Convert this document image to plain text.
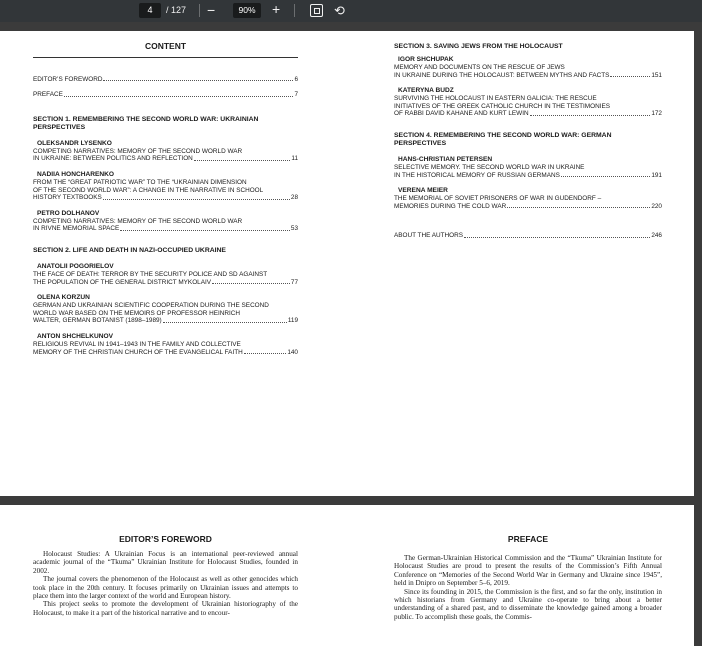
4	/ 127 −	90%	+	⟲
CONTENT
EDITOR’S FOREWORD	6
PREFACE	7
SECTION 1. REMEMBERING THE SECOND WORLD WAR: UKRAINIAN PERSPECTIVES
OLEKSANDR LYSENKO
COMPETING NARRATIVES: MEMORY OF THE SECOND WORLD WAR
IN UKRAINE: BETWEEN POLITICS AND REFLECTION	11
NADIIA HONCHARENKO
FROM THE “GREAT PATRIOTIC WAR” TO THE “UKRAINIAN DIMENSION
OF THE SECOND WORLD WAR”: A CHANGE IN THE NARRATIVE IN SCHOOL
HISTORY TEXTBOOKS	28
PETRO DOLHANOV
COMPETING NARRATIVES: MEMORY OF THE SECOND WORLD WAR
IN RIVNE MEMORIAL SPACE	53
SECTION 2. LIFE AND DEATH IN NAZI-OCCUPIED UKRAINE
ANATOLII POGORIELOV
THE FACE OF DEATH: TERROR BY THE SECURITY POLICE AND SD AGAINST
THE POPULATION OF THE GENERAL DISTRICT MYKOLAIV	77
OLENA KORZUN
GERMAN AND UKRAINIAN SCIENTIFIC COOPERATION DURING THE SECOND
WORLD WAR BASED ON THE MEMOIRS OF PROFESSOR HEINRICH
WALTER, GERMAN BOTANIST (1898–1989)	119
ANTON SHCHELKUNOV
RELIGIOUS REVIVAL IN 1941–1943 IN THE FAMILY AND COLLECTIVE
MEMORY OF THE CHRISTIAN CHURCH OF THE EVANGELICAL FAITH	140
SECTION 3. SAVING JEWS FROM THE HOLOCAUST
IGOR SHCHUPAK
MEMORY AND DOCUMENTS ON THE RESCUE OF JEWS
IN UKRAINE DURING THE HOLOCAUST: BETWEEN MYTHS AND FACTS	151
KATERYNA BUDZ
SURVIVING THE HOLOCAUST IN EASTERN GALICIA: THE RESCUE
INITIATIVES OF THE GREEK CATHOLIC CHURCH IN THE TESTIMONIES
OF RABBI DAVID KAHANE AND KURT LEWIN	172
SECTION 4. REMEMBERING THE SECOND WORLD WAR: GERMAN PERSPECTIVES
HANS-CHRISTIAN PETERSEN
SELECTIVE MEMORY. THE SECOND WORLD WAR IN UKRAINE
IN THE HISTORICAL MEMORY OF RUSSIAN GERMANS	191
VERENA MEIER
THE MEMORIAL OF SOVIET PRISONERS OF WAR IN GUDENDORF –
MEMORIES DURING THE COLD WAR	220
ABOUT THE AUTHORS	246
EDITOR’S FOREWORD

Holocaust Studies: A Ukrainian Focus is an international peer-reviewed annual academic journal of the “Tkuma” Ukrainian Institute for Holocaust Studies, founded in 2002.

The journal covers the phenomenon of the Holocaust as well as other genocides which took place in the 20th century. It focuses primarily on Ukrainian issues and attempts to place them into the larger context of the world and European history.

This project seeks to promote the development of Ukrainian historiography of the Holocaust, to make it a part of the historical narrative and to encour-

PREFACE

The German-Ukrainian Historical Commission and the “Tkuma” Ukrainian Institute for Holocaust Studies are proud to present the results of the Commission’s Fifth Annual Conference on “Memories of the Second World War in Germany and Ukraine since 1945”, held in Dnipro on September 5–6, 2019.

Since its founding in 2015, the Commission is the first, and so far the only, institution in which historians from Germany and Ukraine co-operate to bring about a better understanding of a shared past, and to disseminate the knowledge gained among a broader public. To accomplish these goals, the Commis-
